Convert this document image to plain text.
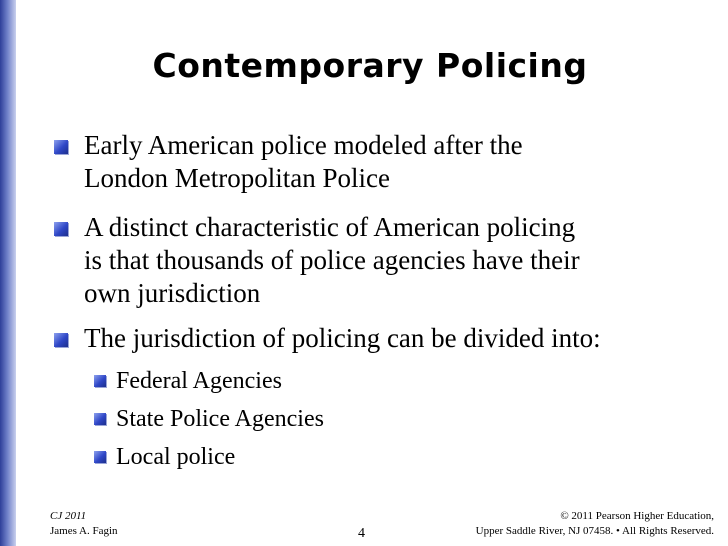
Contemporary Policing
Early American police modeled after the
London Metropolitan Police
A distinct characteristic of American policing
is that thousands of police agencies have their
own jurisdiction
The jurisdiction of policing can be divided into:
Federal Agencies
State Police Agencies
Local police
CJ 2011
James A. Fagin	4
© 2011 Pearson Higher Education,
Upper Saddle River, NJ 07458. • All Rights Reserved.
